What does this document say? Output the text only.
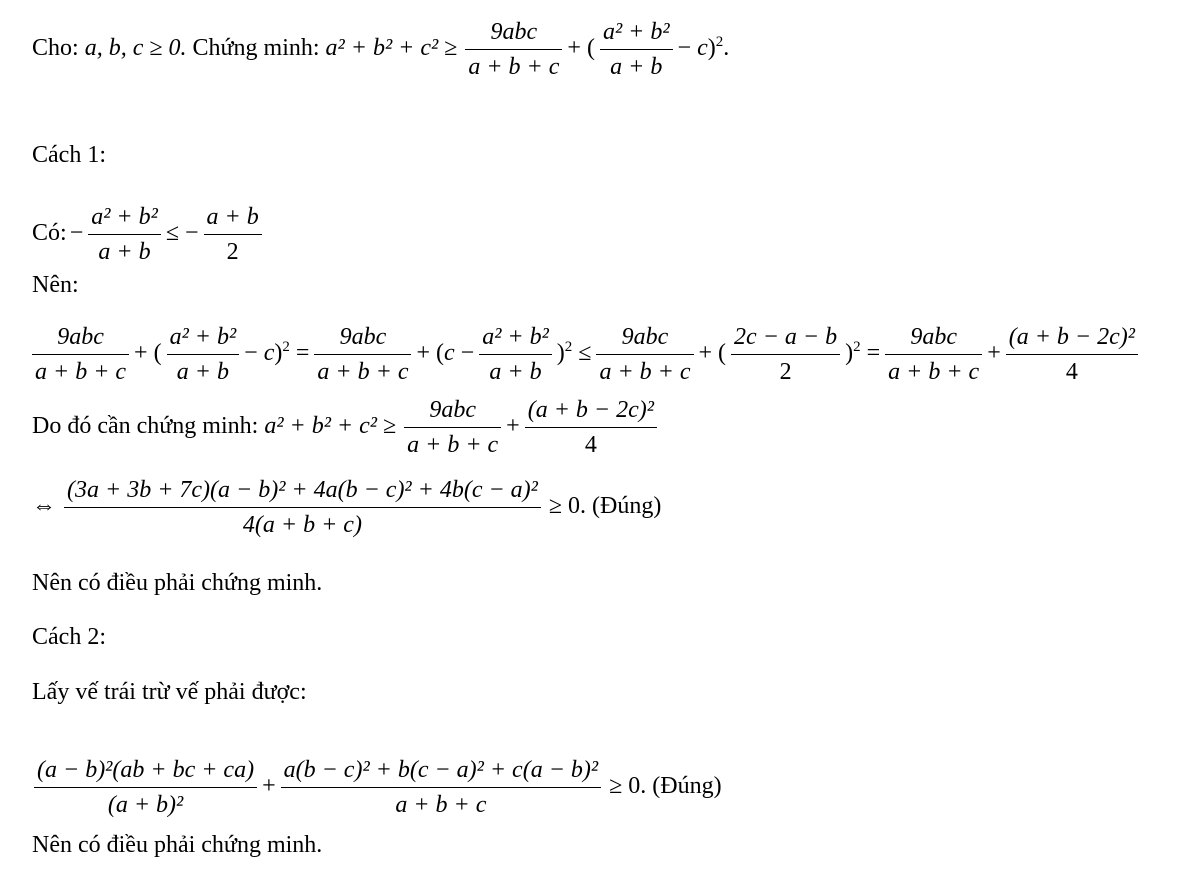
Cho: a, b, c ≥ 0. Chứng minh: $a^2 + b^2 + c^2 \ge \frac{\text{9abc}}{a + b + c}$ + ( $\frac{\text{a² + b²}}{a + b} - c)^2$.
Cách 1:
Có: − $\frac{\text{a² + b²}}{a + b}$ ≤ − $\frac{a + b}{2}$
Nên:
$\frac{\text{9abc}}{a + b + c}$ + ( $\frac{\text{a² + b²}}{a + b} - c)^2 = \frac{\text{9abc}}{a + b + c} + (c - \frac{\text{a² + b²}}{a + b} )^2 \le \frac{\text{9abc}}{a + b + c}$ + ( $\frac{2c - a - b}{2} )^2 = \frac{\text{9abc}}{a + b + c} + \frac{\text{(a + b − 2c)²}}{4}$
Do đó cần chứng minh: $a^2 + b^2 + c^2 \ge \frac{\text{9abc}}{a + b + c} + \frac{\text{(a + b − 2c)²}}{4}$
⇔ $\frac{\text{(3a + 3b + 7c)(a − b)² + 4a(b − c)² + 4b(c − a)²}}{4(a + b + c)} \ge 0$. (Đúng)
Nên có điều phải chứng minh.
Cách 2:
Lấy vế trái trừ vế phải được:
$\frac{\text{(a − b)²(ab + bc + ca)}}{\text{(a + b)²}} + \frac{\text{a(b − c)² + b(c − a)² + c(a − b)²}}{a + b + c} \ge 0$. (Đúng)
Nên có điều phải chứng minh.
